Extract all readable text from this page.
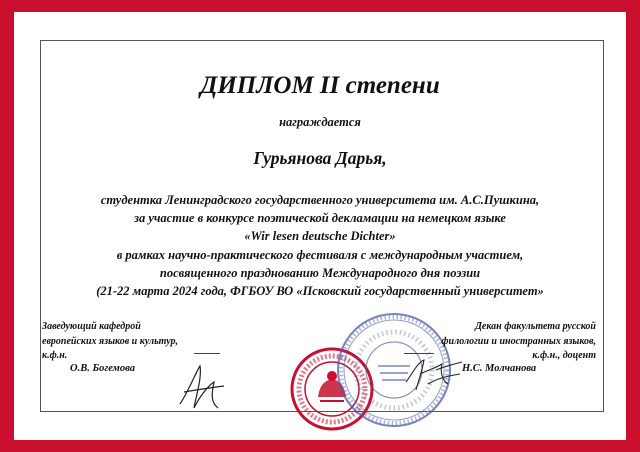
ДИПЛОМ II степени
награждается
Гурьянова Дарья,
студентка Ленинградского государственного университета им. А.С.Пушкина,
за участие в конкурсе поэтической декламации на немецком языке
«Wir lesen deutsche Dichter»
в рамках научно-практического фестиваля с международным участием,
посвященного празднованию Международного дня поэзии
(21-22 марта 2024 года, ФГБОУ ВО «Псковский государственный университет»
Заведующий кафедрой
европейских языков и культур,
к.ф.н.
О.В. Богемова
Декан факультета русской
филологии и иностранных языков,
к.ф.н., доцент
Н.С. Молчанова
